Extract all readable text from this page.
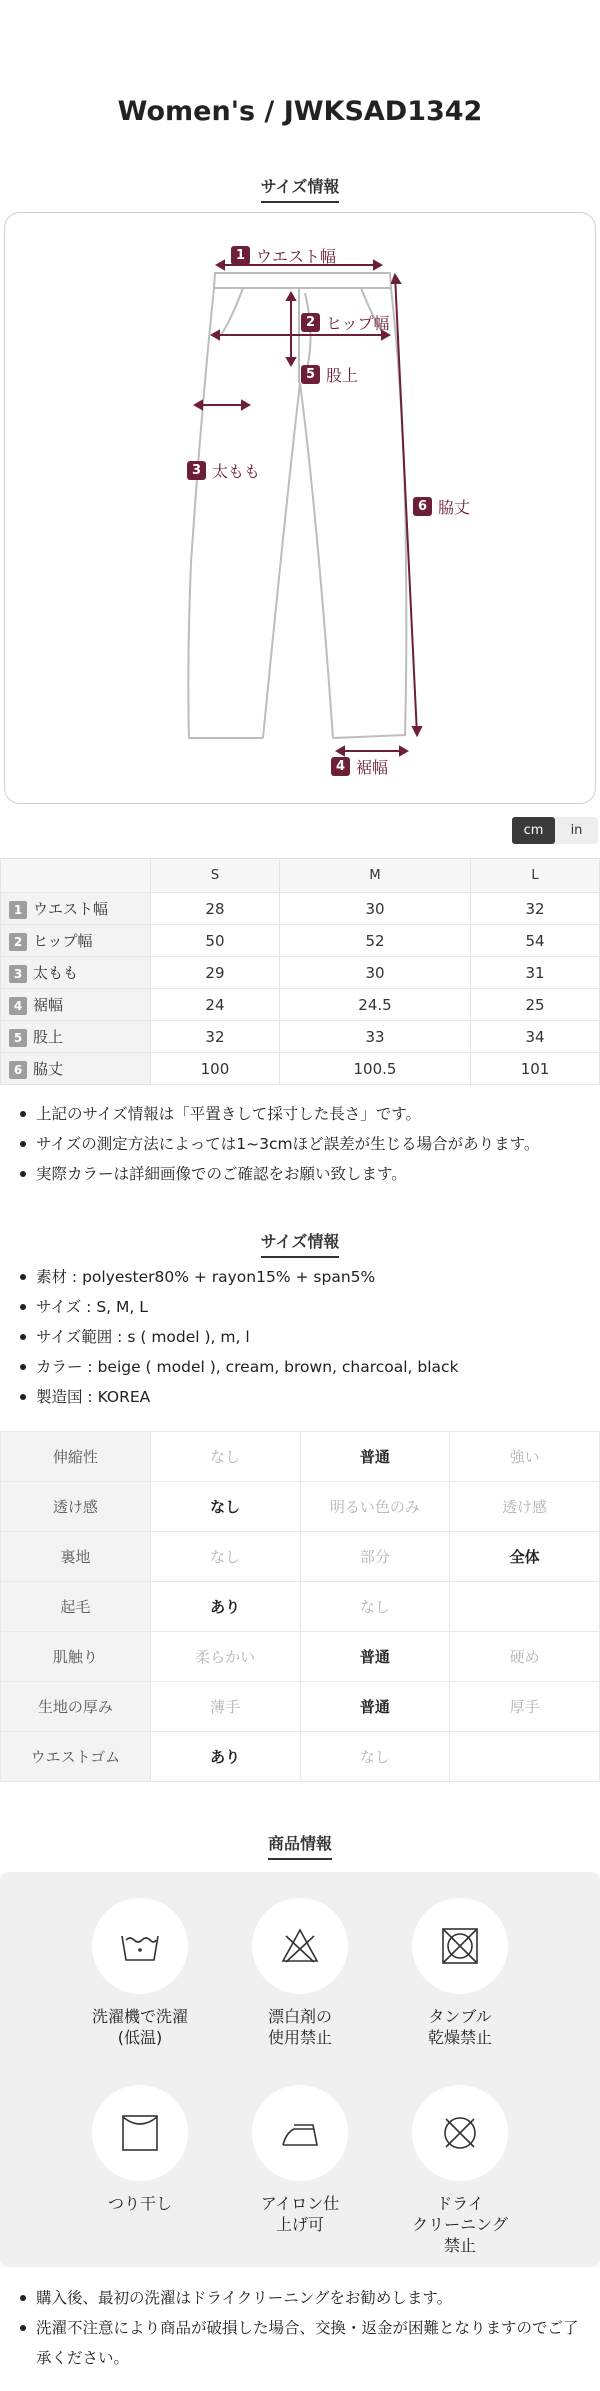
Women's / JWKSAD1342
サイズ情報
1 ウエスト幅
2 ヒップ幅
5 股上
3 太もも
6 脇丈
4 裾幅
cm	in
	S	M	L
1 ウエスト幅	28	30	32
2 ヒップ幅	50	52	54
3 太もも	29	30	31
4 裾幅	24	24.5	25
5 股上	32	33	34
6 脇丈	100	100.5	101
上記のサイズ情報は「平置きして採寸した長さ」です。
サイズの測定方法によっては1~3cmほど誤差が生じる場合があります。
実際カラーは詳細画像でのご確認をお願い致します。
サイズ情報
素材 : polyester80% + rayon15% + span5%
サイズ : S, M, L
サイズ範囲 : s ( model ), m, l
カラー : beige ( model ), cream, brown, charcoal, black
製造国 : KOREA
伸縮性	なし	普通	強い
透け感	なし	明るい色のみ	透け感
裏地	なし	部分	全体
起毛	あり	なし	
肌触り	柔らかい	普通	硬め
生地の厚み	薄手	普通	厚手
ウエストゴム	あり	なし	
商品情報
洗濯機で洗濯
(低温)
漂白剤の
使用禁止
タンブル
乾燥禁止
つり干し	アイロン仕
上げ可
ドライ
クリーニング
禁止
購入後、最初の洗濯はドライクリーニングをお勧めします。
洗濯不注意により商品が破損した場合、交換・返金が困難となりますのでご了承ください。
